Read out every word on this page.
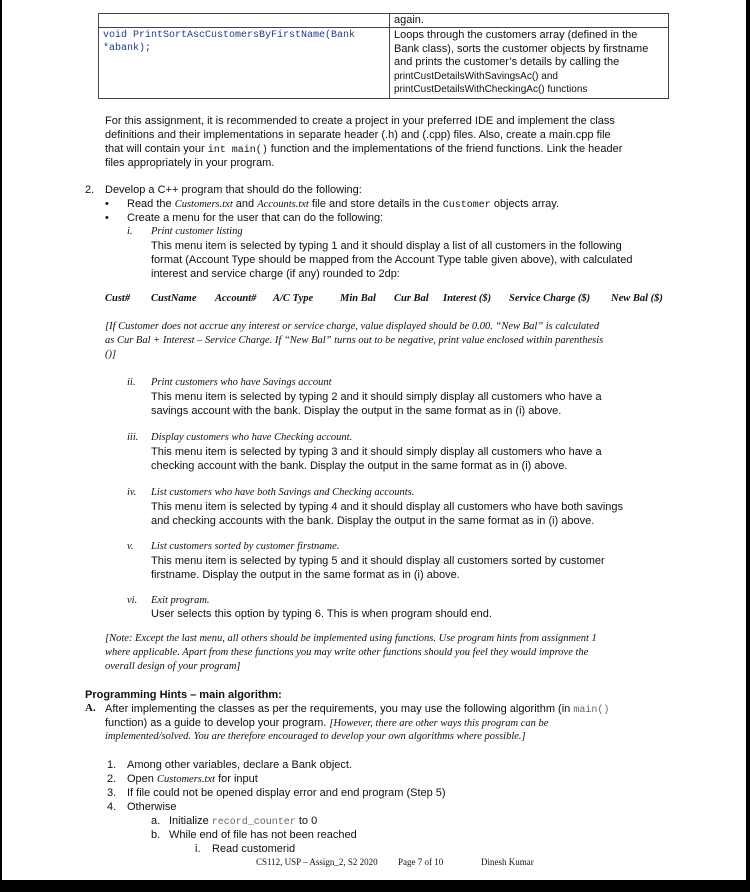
	again.

void PrintSortAscCustomersByFirstName(Bank *abank);	Loops through the customers array (defined in the
Bank class), sorts the customer objects by firstname
and prints the customer’s details by calling the
printCustDetailsWithSavingsAc() and
printCustDetailsWithCheckingAc() functions
For this assignment, it is recommended to create a project in your preferred IDE and implement the class
definitions and their implementations in separate header (.h) and (.cpp) files. Also, create a main.cpp file
that will contain your int main() function and the implementations of the friend functions. Link the header
files appropriately in your program.
2. Develop a C++ program that should do the following:
• Read the Customers.txt and Accounts.txt file and store details in the Customer objects array.
• Create a menu for the user that can do the following:
i. Print customer listing
This menu item is selected by typing 1 and it should display a list of all customers in the following
format (Account Type should be mapped from the Account Type table given above), with calculated
interest and service charge (if any) rounded to 2dp:
Cust# CustName Account# A/C Type	Min Bal Cur Bal Interest ($) Service Charge ($) New Bal ($)
[If Customer does not accrue any interest or service charge, value displayed should be 0.00. “New Bal” is calculated
as Cur Bal + Interest – Service Charge. If “New Bal” turns out to be negative, print value enclosed within parenthesis
()]
ii. Print customers who have Savings account
This menu item is selected by typing 2 and it should simply display all customers who have a
savings account with the bank. Display the output in the same format as in (i) above.
iii. Display customers who have Checking account.
This menu item is selected by typing 3 and it should simply display all customers who have a
checking account with the bank. Display the output in the same format as in (i) above.
iv. List customers who have both Savings and Checking accounts.
This menu item is selected by typing 4 and it should display all customers who have both savings
and checking accounts with the bank. Display the output in the same format as in (i) above.
v. List customers sorted by customer firstname.
This menu item is selected by typing 5 and it should display all customers sorted by customer
firstname. Display the output in the same format as in (i) above.
vi. Exit program.
User selects this option by typing 6. This is when program should end.
[Note: Except the last menu, all others should be implemented using functions. Use program hints from assignment 1
where applicable. Apart from these functions you may write other functions should you feel they would improve the
overall design of your program]
Programming Hints – main algorithm:
A. After implementing the classes as per the requirements, you may use the following algorithm (in main()
function) as a guide to develop your program. [However, there are other ways this program can be
implemented/solved. You are therefore encouraged to develop your own algorithms where possible.]
1. Among other variables, declare a Bank object.
2. Open Customers.txt for input
3. If file could not be opened display error and end program (Step 5)
4. Otherwise
a. Initialize record_counter to 0
b. While end of file has not been reached
i. Read customerid
CS112, USP – Assign_2, S2 2020 Page 7 of 10	Dinesh Kumar
